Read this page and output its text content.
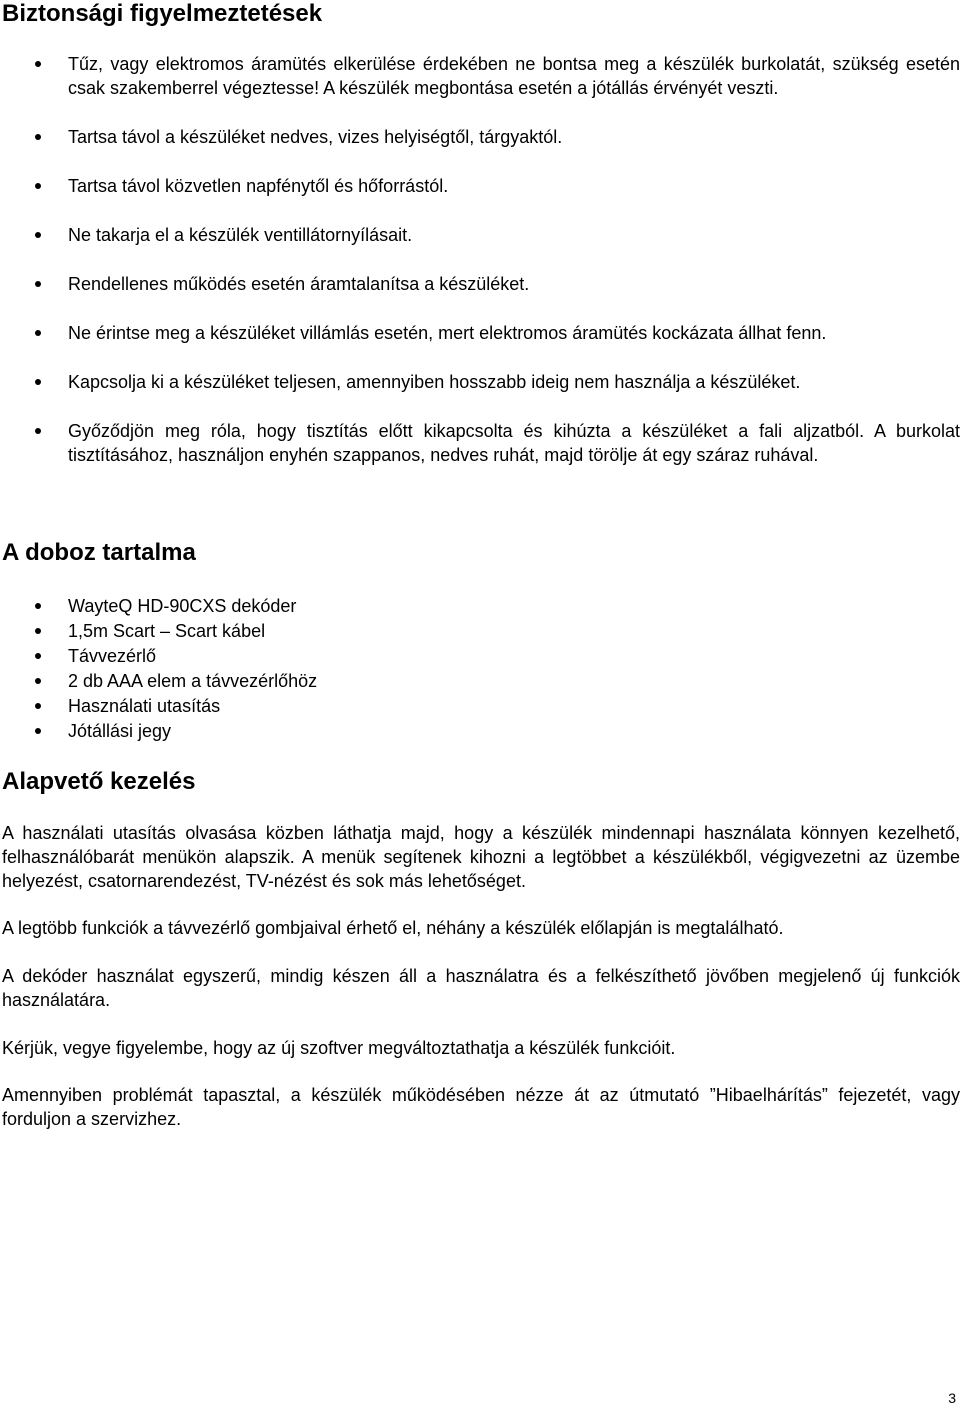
Biztonsági figyelmeztetések
Tűz, vagy elektromos áramütés elkerülése érdekében ne bontsa meg a készülék burkolatát, szükség esetén csak szakemberrel végeztesse! A készülék megbontása esetén a jótállás érvényét veszti.
Tartsa távol a készüléket nedves, vizes helyiségtől, tárgyaktól.
Tartsa távol közvetlen napfénytől és hőforrástól.
Ne takarja el a készülék ventillátornyílásait.
Rendellenes működés esetén áramtalanítsa a készüléket.
Ne érintse meg a készüléket villámlás esetén, mert elektromos áramütés kockázata állhat fenn.
Kapcsolja ki a készüléket teljesen, amennyiben hosszabb ideig nem használja a készüléket.
Győződjön meg róla, hogy tisztítás előtt kikapcsolta és kihúzta a készüléket a fali aljzatból. A burkolat tisztításához, használjon enyhén szappanos, nedves ruhát, majd törölje át egy száraz ruhával.
A doboz tartalma
WayteQ HD-90CXS dekóder
1,5m Scart – Scart kábel
Távvezérlő
2 db AAA elem a távvezérlőhöz
Használati utasítás
Jótállási jegy
Alapvető kezelés

A használati utasítás olvasása közben láthatja majd, hogy a készülék mindennapi használata könnyen kezelhető, felhasználóbarát menükön alapszik. A menük segítenek kihozni a legtöbbet a készülékből, végigvezetni az üzembe helyezést, csatornarendezést, TV-nézést és sok más lehetőséget.

A legtöbb funkciók a távvezérlő gombjaival érhető el, néhány a készülék előlapján is megtalálható.

A dekóder használat egyszerű, mindig készen áll a használatra és a felkészíthető jövőben megjelenő új funkciók használatára.

Kérjük, vegye figyelembe, hogy az új szoftver megváltoztathatja a készülék funkcióit.

Amennyiben problémát tapasztal, a készülék működésében nézze át az útmutató ”Hibaelhárítás” fejezetét, vagy forduljon a szervizhez.

3
